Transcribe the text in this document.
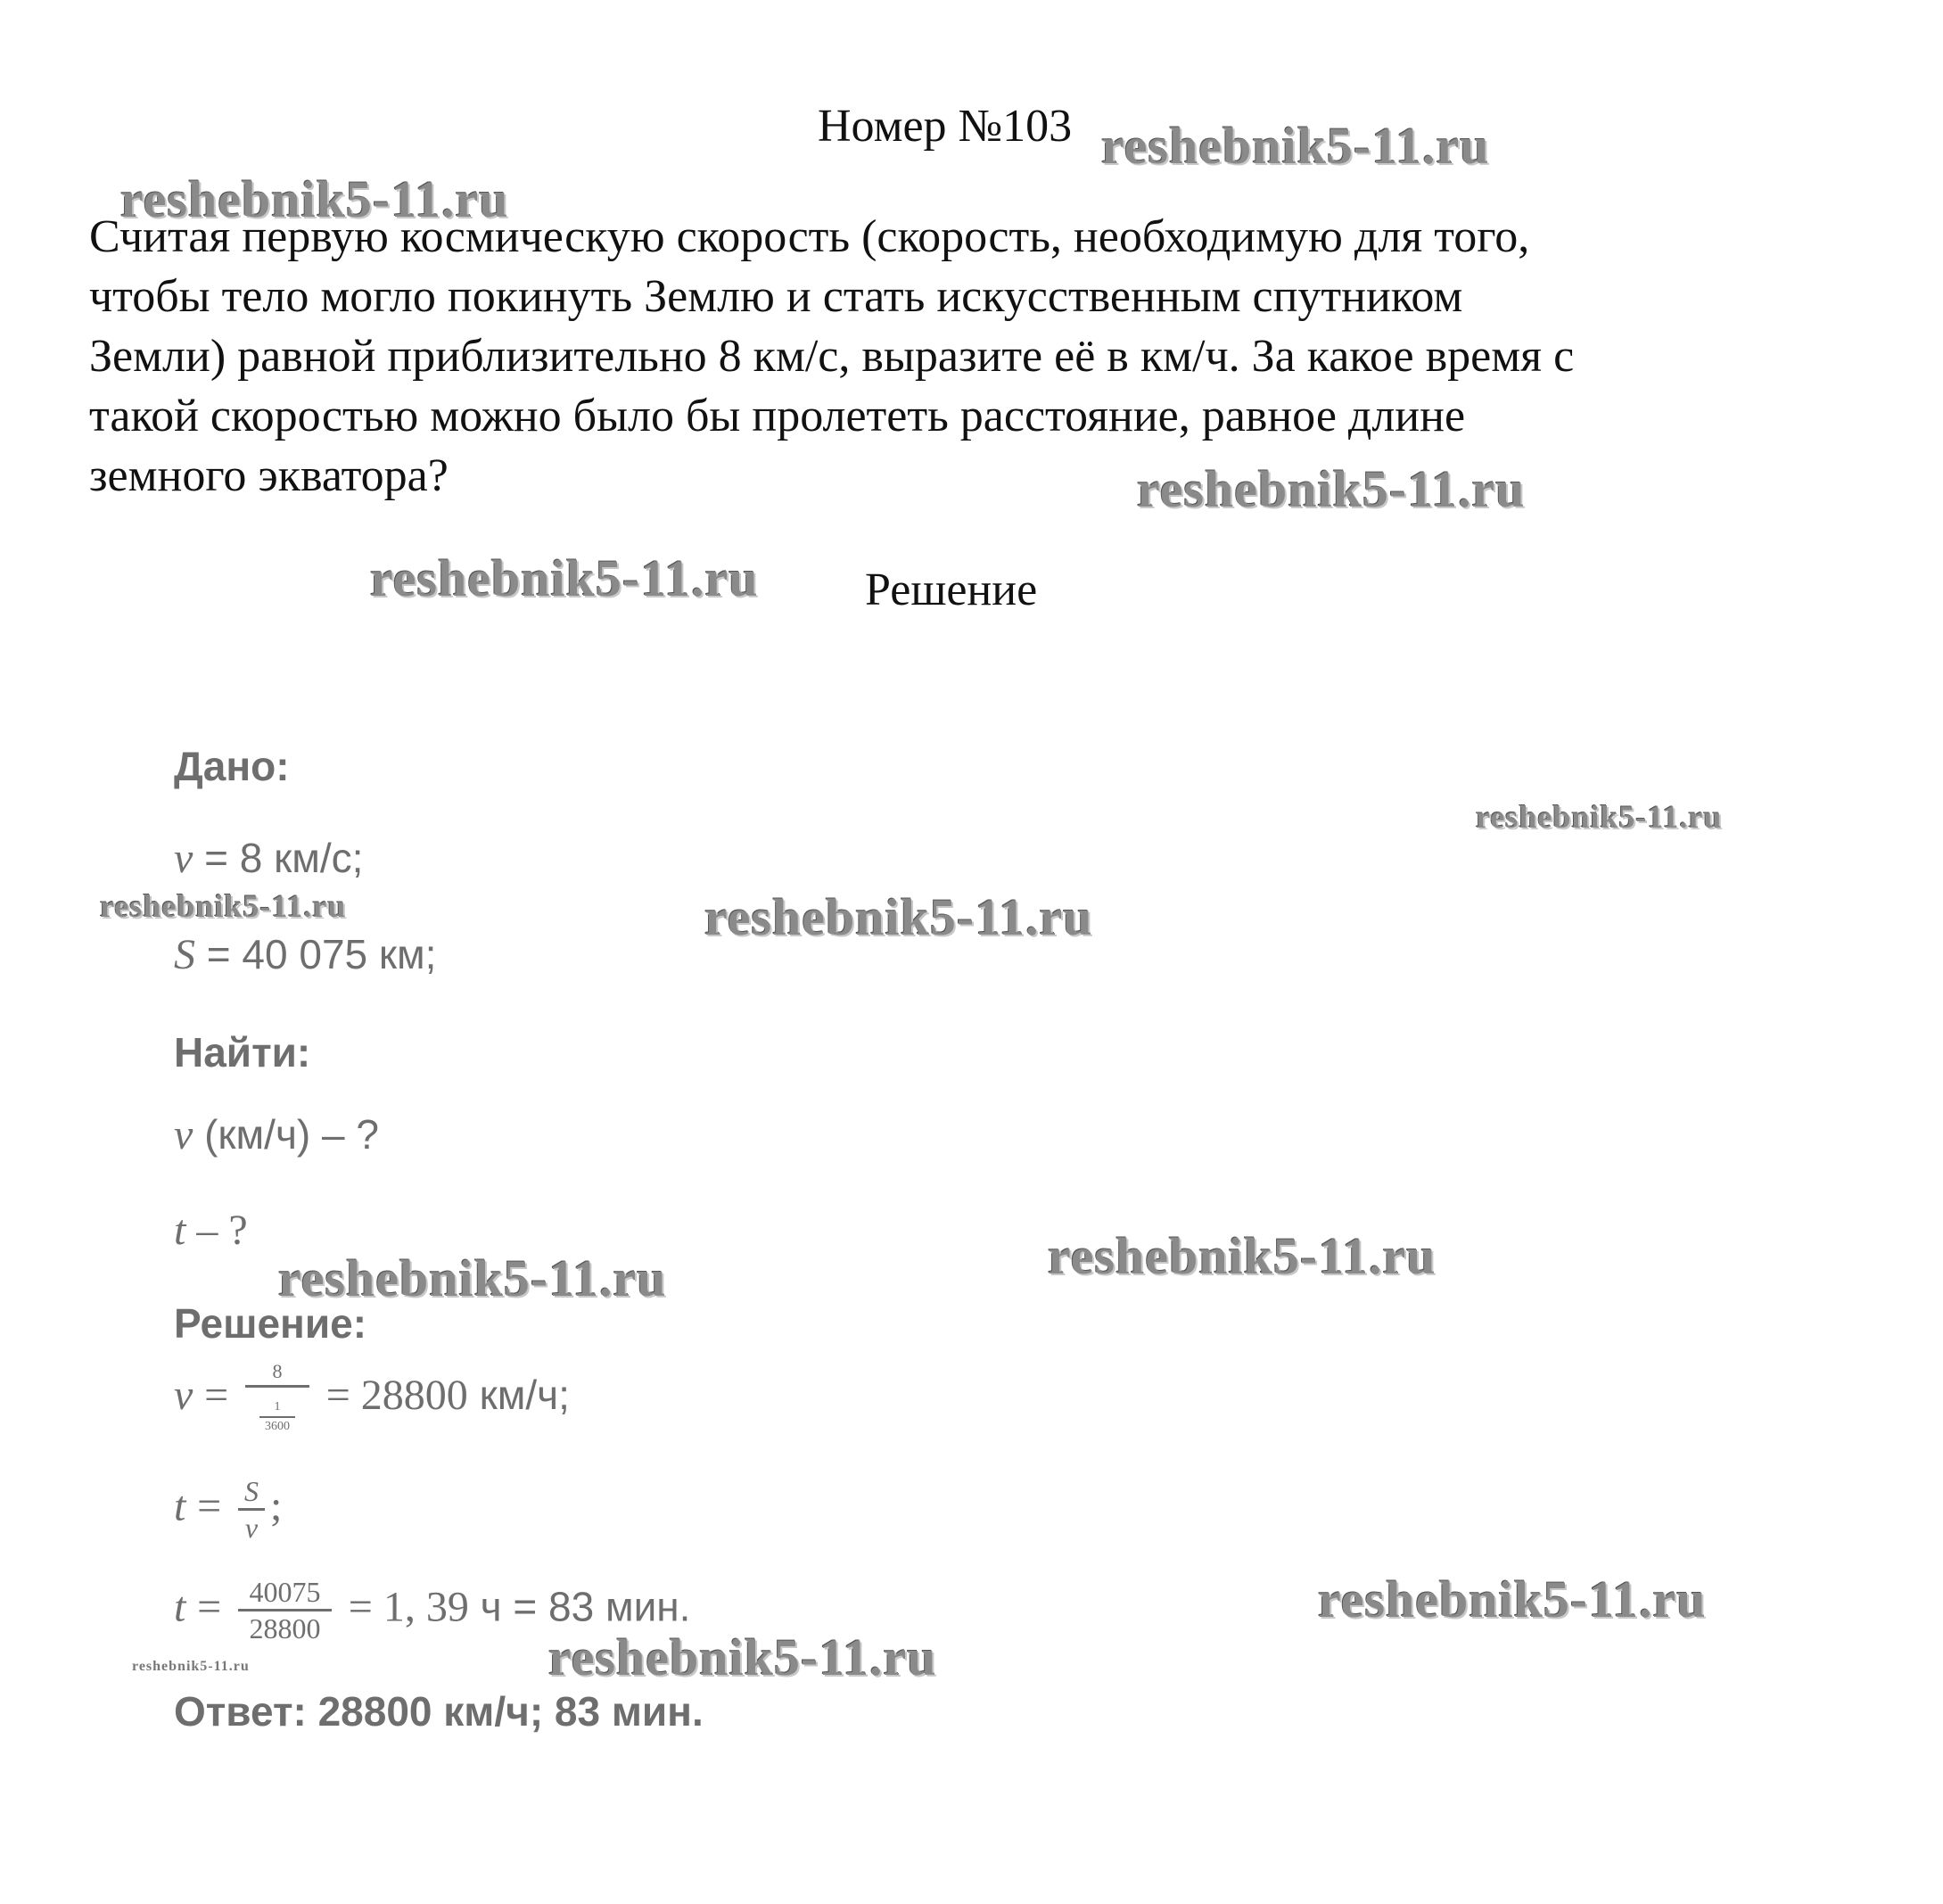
Номер №103
Считая первую космическую скорость (скорость, необходимую для того,
чтобы тело могло покинуть Землю и стать искусственным спутником
Земли) равной приблизительно 8 км/с, выразите её в км/ч. За какое время с
такой скоростью можно было бы пролететь расстояние, равное длине
земного экватора?
Решение
Дано:
v = 8 км/с;
S = 40 075 км;
Найти:
v (км/ч) – ?
t – ?
Решение:
$v = \frac{8}{\frac{1}{3600}} = 28800$ км/ч;
$t = \frac{S}{v}$ ;
$t = \frac{40075}{28800} = 1$, 39 ч = 83 мин.
Ответ: 28800 км/ч; 83 мин.
reshebnik5-11.ru
reshebnik5-11.ru
reshebnik5-11.ru
reshebnik5-11.ru
reshebnik5-11.ru
reshebnik5-11.ru	reshebnik5-11.ru
reshebnik5-11.ru
reshebnik5-11.ru
reshebnik5-11.ru
reshebnik5-11.ru	reshebnik5-11.ru
